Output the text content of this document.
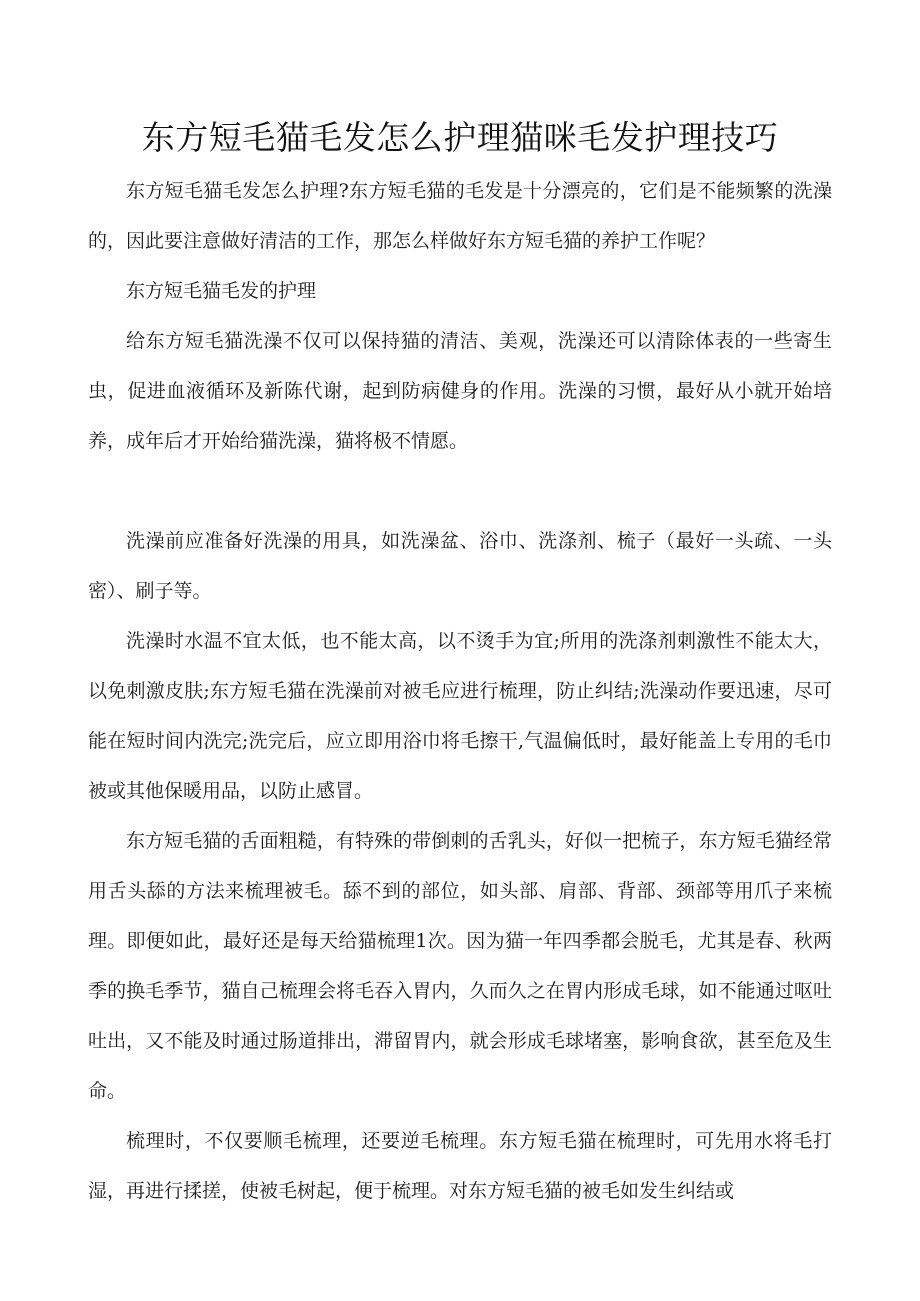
东方短毛猫毛发怎么护理猫咪毛发护理技巧

东方短毛猫毛发怎么护理?东方短毛猫的毛发是十分漂亮的，它们是不能频繁的洗澡的，因此要注意做好清洁的工作，那怎么样做好东方短毛猫的养护工作呢？

东方短毛猫毛发的护理

给东方短毛猫洗澡不仅可以保持猫的清洁、美观，洗澡还可以清除体表的一些寄生虫，促进血液循环及新陈代谢，起到防病健身的作用。洗澡的习惯，最好从小就开始培养，成年后才开始给猫洗澡，猫将极不情愿。

洗澡前应准备好洗澡的用具，如洗澡盆、浴巾、洗涤剂、梳子（最好一头疏、一头密）、刷子等。

洗澡时水温不宜太低，也不能太高，以不烫手为宜;所用的洗涤剂刺激性不能太大，以免刺激皮肤;东方短毛猫在洗澡前对被毛应进行梳理，防止纠结;洗澡动作要迅速，尽可能在短时间内洗完;洗完后，应立即用浴巾将毛擦干,气温偏低时，最好能盖上专用的毛巾被或其他保暖用品，以防止感冒。

东方短毛猫的舌面粗糙，有特殊的带倒刺的舌乳头，好似一把梳子，东方短毛猫经常用舌头舔的方法来梳理被毛。舔不到的部位，如头部、肩部、背部、颈部等用爪子来梳理。即便如此，最好还是每天给猫梳理1次。因为猫一年四季都会脱毛，尤其是春、秋两季的换毛季节，猫自己梳理会将毛吞入胃内，久而久之在胃内形成毛球，如不能通过呕吐吐出，又不能及时通过肠道排出，滞留胃内，就会形成毛球堵塞，影响食欲，甚至危及生命。

梳理时，不仅要顺毛梳理，还要逆毛梳理。东方短毛猫在梳理时，可先用水将毛打湿，再进行揉搓，使被毛树起，便于梳理。对东方短毛猫的被毛如发生纠结或
